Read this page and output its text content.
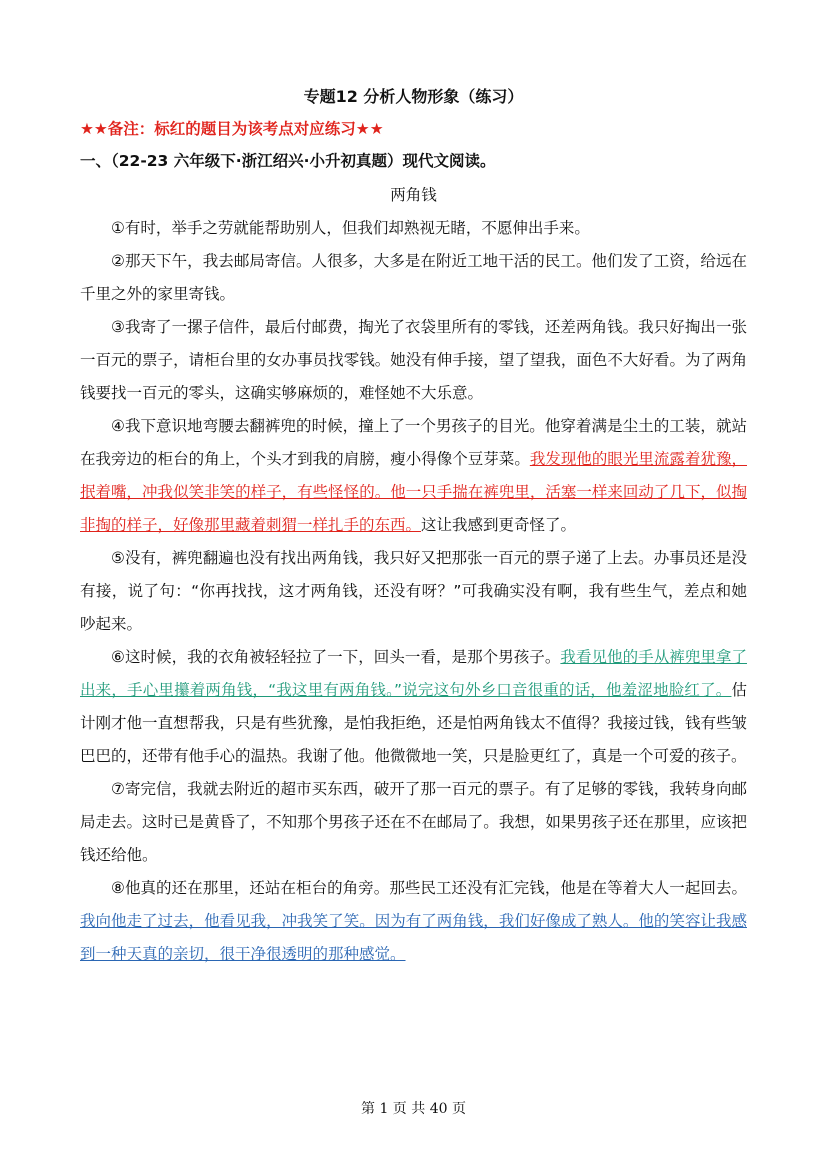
专题12 分析人物形象（练习）
★★备注：标红的题目为该考点对应练习★★
一、（22-23 六年级下·浙江绍兴·小升初真题）现代文阅读。
两角钱

①有时，举手之劳就能帮助别人，但我们却熟视无睹，不愿伸出手来。

②那天下午，我去邮局寄信。人很多，大多是在附近工地干活的民工。他们发了工资，给远在千里之外的家里寄钱。

③我寄了一摞子信件，最后付邮费，掏光了衣袋里所有的零钱，还差两角钱。我只好掏出一张一百元的票子，请柜台里的女办事员找零钱。她没有伸手接，望了望我，面色不大好看。为了两角钱要找一百元的零头，这确实够麻烦的，难怪她不大乐意。

④我下意识地弯腰去翻裤兜的时候，撞上了一个男孩子的目光。他穿着满是尘土的工装，就站在我旁边的柜台的角上，个头才到我的肩膀，瘦小得像个豆芽菜。我发现他的眼光里流露着犹豫，抿着嘴，冲我似笑非笑的样子，有些怪怪的。他一只手揣在裤兜里，活塞一样来回动了几下，似掏非掏的样子，好像那里藏着刺猬一样扎手的东西。这让我感到更奇怪了。

⑤没有，裤兜翻遍也没有找出两角钱，我只好又把那张一百元的票子递了上去。办事员还是没有接，说了句：“你再找找，这才两角钱，还没有呀？”可我确实没有啊，我有些生气，差点和她吵起来。

⑥这时候，我的衣角被轻轻拉了一下，回头一看，是那个男孩子。我看见他的手从裤兜里拿了出来，手心里攥着两角钱，“我这里有两角钱。”说完这句外乡口音很重的话，他羞涩地脸红了。估计刚才他一直想帮我，只是有些犹豫，是怕我拒绝，还是怕两角钱太不值得？我接过钱，钱有些皱巴巴的，还带有他手心的温热。我谢了他。他微微地一笑，只是脸更红了，真是一个可爱的孩子。

⑦寄完信，我就去附近的超市买东西，破开了那一百元的票子。有了足够的零钱，我转身向邮局走去。这时已是黄昏了，不知那个男孩子还在不在邮局了。我想，如果男孩子还在那里，应该把钱还给他。

⑧他真的还在那里，还站在柜台的角旁。那些民工还没有汇完钱，他是在等着大人一起回去。我向他走了过去，他看见我，冲我笑了笑。因为有了两角钱，我们好像成了熟人。他的笑容让我感到一种天真的亲切，很干净很透明的那种感觉。

第 1 页 共 40 页
